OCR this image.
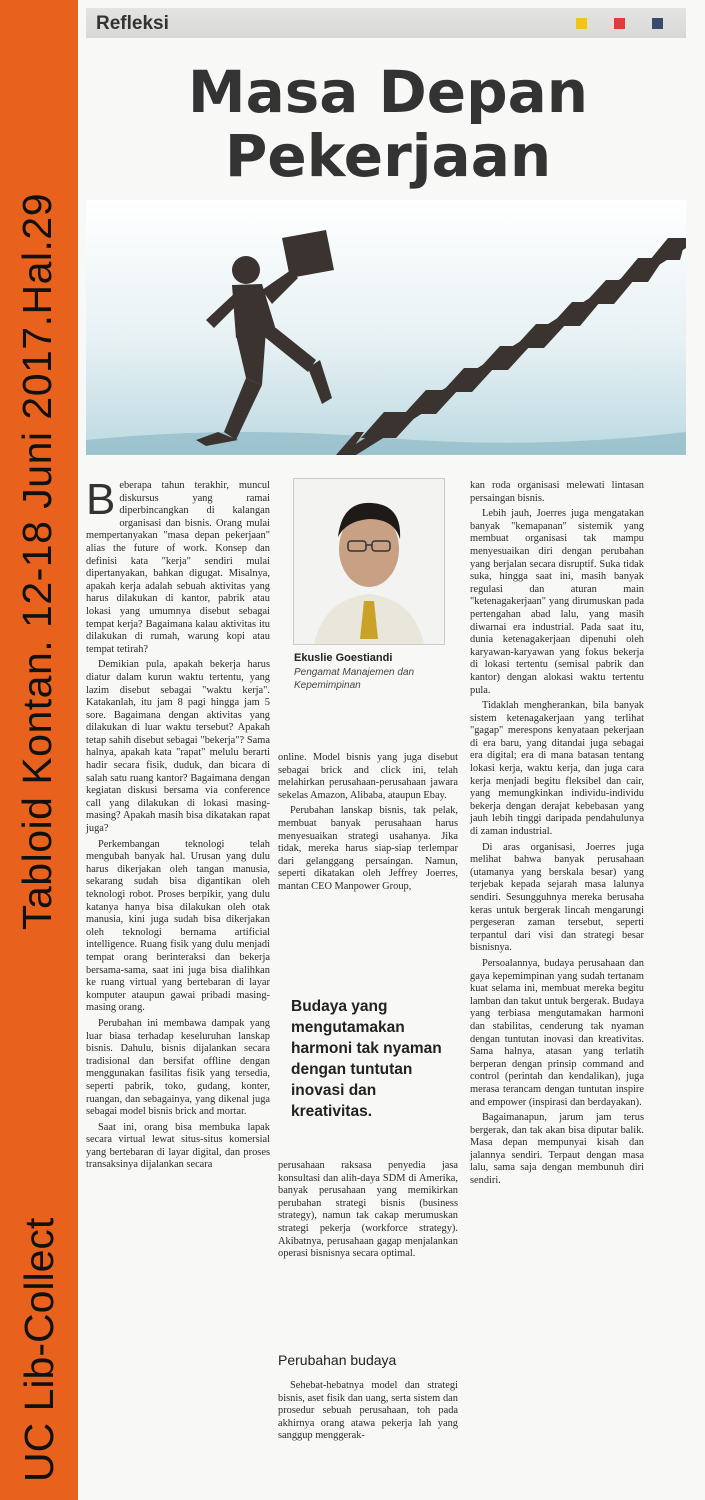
Tabloid Kontan. 12-18 Juni 2017.Hal.29
UC Lib-Collect
Refleksi
Masa Depan
Pekerjaan

Beberapa tahun terakhir, muncul diskursus yang ramai diperbincangkan di kalangan organisasi dan bisnis. Orang mulai mempertanyakan "masa depan pekerjaan" alias the future of work. Konsep dan definisi kata "kerja" sendiri mulai dipertanyakan, bahkan digugat. Misalnya, apakah kerja adalah sebuah aktivitas yang harus dilakukan di kantor, pabrik atau lokasi yang umumnya disebut sebagai tempat kerja? Bagaimana kalau aktivitas itu dilakukan di rumah, warung kopi atau tempat tetirah?

Demikian pula, apakah bekerja harus diatur dalam kurun waktu tertentu, yang lazim disebut sebagai "waktu kerja". Katakanlah, itu jam 8 pagi hingga jam 5 sore. Bagaimana dengan aktivitas yang dilakukan di luar waktu tersebut? Apakah tetap sahih disebut sebagai "bekerja"? Sama halnya, apakah kata "rapat" melulu berarti hadir secara fisik, duduk, dan bicara di salah satu ruang kantor? Bagaimana dengan kegiatan diskusi bersama via conference call yang dilakukan di lokasi masing-masing? Apakah masih bisa dikatakan rapat juga?

Perkembangan teknologi telah mengubah banyak hal. Urusan yang dulu harus dikerjakan oleh tangan manusia, sekarang sudah bisa digantikan oleh teknologi robot. Proses berpikir, yang dulu katanya hanya bisa dilakukan oleh otak manusia, kini juga sudah bisa dikerjakan oleh teknologi bernama artificial intelligence. Ruang fisik yang dulu menjadi tempat orang berinteraksi dan bekerja bersama-sama, saat ini juga bisa dialihkan ke ruang virtual yang bertebaran di layar komputer ataupun gawai pribadi masing-masing orang.

Perubahan ini membawa dampak yang luar biasa terhadap keseluruhan lanskap bisnis. Dahulu, bisnis dijalankan secara tradisional dan bersifat offline dengan menggunakan fasilitas fisik yang tersedia, seperti pabrik, toko, gudang, konter, ruangan, dan sebagainya, yang dikenal juga sebagai model bisnis brick and mortar.

Saat ini, orang bisa membuka lapak secara virtual lewat situs-situs komersial yang bertebaran di layar digital, dan proses transaksinya dijalankan secara

Ekuslie Goestiandi
Pengamat Manajemen dan Kepemimpinan

online. Model bisnis yang juga disebut sebagai brick and click ini, telah melahirkan perusahaan-perusahaan jawara sekelas Amazon, Alibaba, ataupun Ebay.

Perubahan lanskap bisnis, tak pelak, membuat banyak perusahaan harus menyesuaikan strategi usahanya. Jika tidak, mereka harus siap-siap terlempar dari gelanggang persaingan. Namun, seperti dikatakan oleh Jeffrey Joerres, mantan CEO Manpower Group,

Budaya yang mengutamakan harmoni tak nyaman dengan tuntutan inovasi dan kreativitas.

perusahaan raksasa penyedia jasa konsultasi dan alih-daya SDM di Amerika, banyak perusahaan yang memikirkan perubahan strategi bisnis (business strategy), namun tak cakap merumuskan strategi pekerja (workforce strategy). Akibatnya, perusahaan gagap menjalankan operasi bisnisnya secara optimal.

Perubahan budaya

Sehebat-hebatnya model dan strategi bisnis, aset fisik dan uang, serta sistem dan prosedur sebuah perusahaan, toh pada akhirnya orang atawa pekerja lah yang sanggup menggerak-

kan roda organisasi melewati lintasan persaingan bisnis.

Lebih jauh, Joerres juga mengatakan banyak "kemapanan" sistemik yang membuat organisasi tak mampu menyesuaikan diri dengan perubahan yang berjalan secara disruptif. Suka tidak suka, hingga saat ini, masih banyak regulasi dan aturan main "ketenagakerjaan" yang dirumuskan pada pertengahan abad lalu, yang masih diwarnai era industrial. Pada saat itu, dunia ketenagakerjaan dipenuhi oleh karyawan-karyawan yang fokus bekerja di lokasi tertentu (semisal pabrik dan kantor) dengan alokasi waktu tertentu pula.

Tidaklah mengherankan, bila banyak sistem ketenagakerjaan yang terlihat "gagap" merespons kenyataan pekerjaan di era baru, yang ditandai juga sebagai era digital; era di mana batasan tentang lokasi kerja, waktu kerja, dan juga cara kerja menjadi begitu fleksibel dan cair, yang memungkinkan individu-individu bekerja dengan derajat kebebasan yang jauh lebih tinggi daripada pendahulunya di zaman industrial.

Di aras organisasi, Joerres juga melihat bahwa banyak perusahaan (utamanya yang berskala besar) yang terjebak kepada sejarah masa lalunya sendiri. Sesungguhnya mereka berusaha keras untuk bergerak lincah mengarungi pergeseran zaman tersebut, seperti terpantul dari visi dan strategi besar bisnisnya.

Persoalannya, budaya perusahaan dan gaya kepemimpinan yang sudah tertanam kuat selama ini, membuat mereka begitu lamban dan takut untuk bergerak. Budaya yang terbiasa mengutamakan harmoni dan stabilitas, cenderung tak nyaman dengan tuntutan inovasi dan kreativitas. Sama halnya, atasan yang terlatih berperan dengan prinsip command and control (perintah dan kendalikan), juga merasa terancam dengan tuntutan inspire and empower (inspirasi dan berdayakan).

Bagaimanapun, jarum jam terus bergerak, dan tak akan bisa diputar balik. Masa depan mempunyai kisah dan jalannya sendiri. Terpaut dengan masa lalu, sama saja dengan membunuh diri sendiri.
